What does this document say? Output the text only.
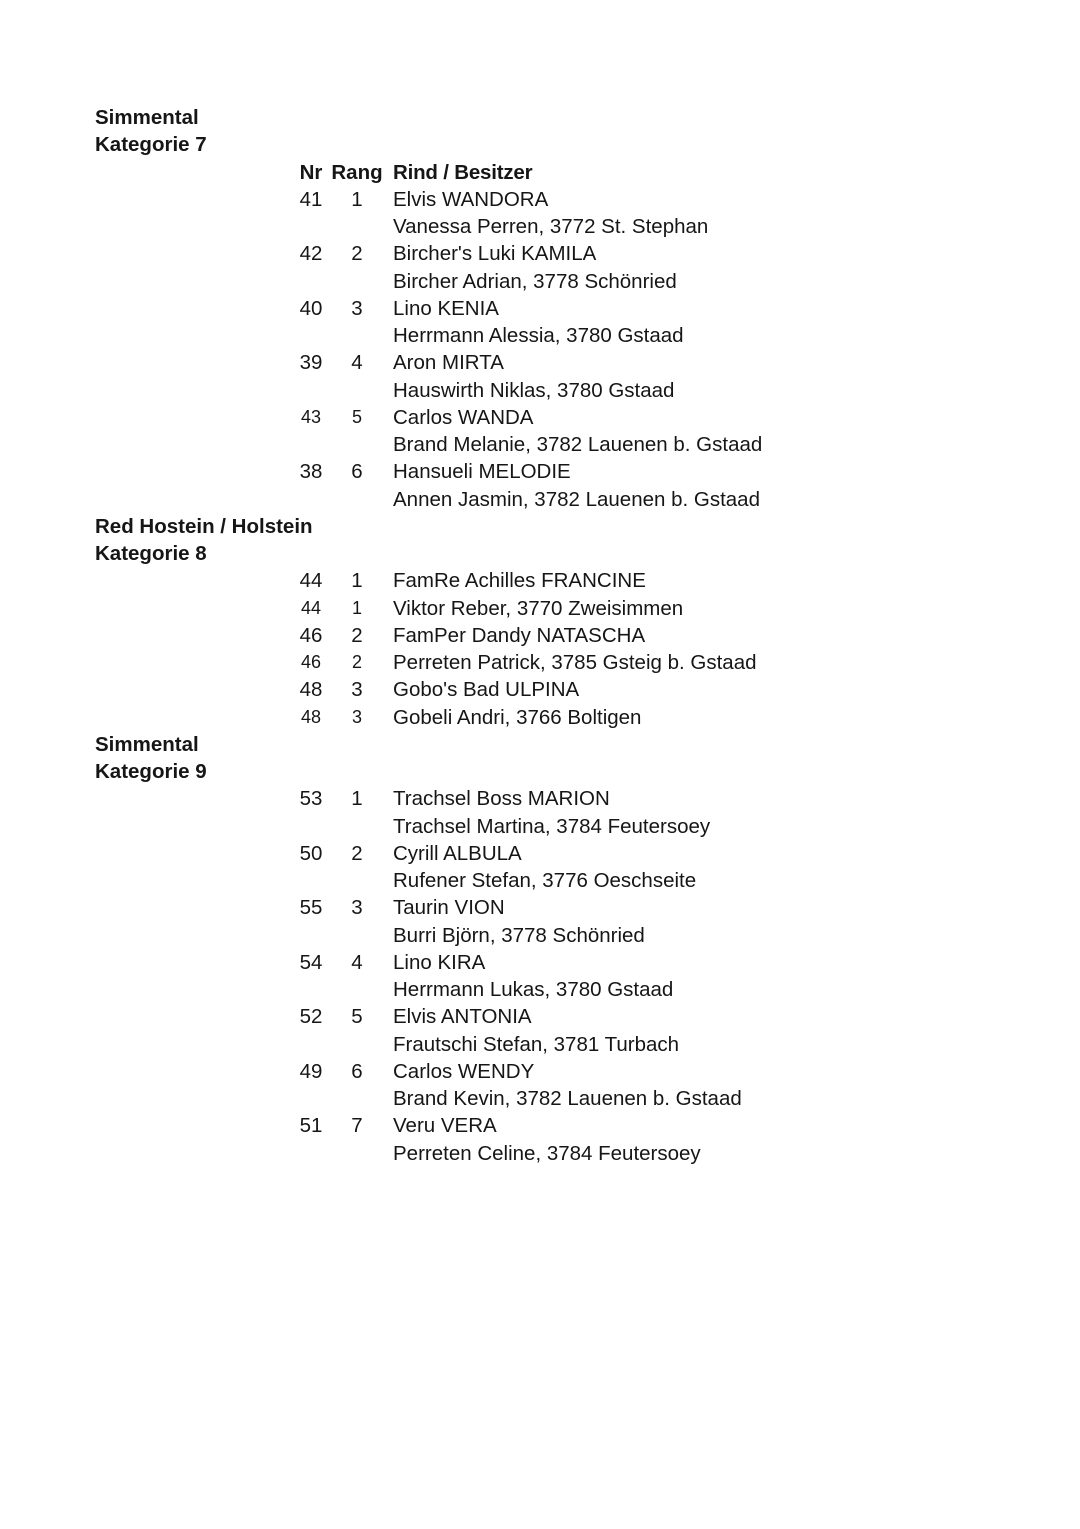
Simmental
Kategorie 7
Nr Rang Rind / Besitzer
41	1	Elvis WANDORA
Vanessa Perren, 3772 St. Stephan
42	2	Bircher's Luki KAMILA
Bircher Adrian, 3778 Schönried
40	3	Lino KENIA
Herrmann Alessia, 3780 Gstaad
39	4	Aron MIRTA
Hauswirth Niklas, 3780 Gstaad
43	5	Carlos WANDA
Brand Melanie, 3782 Lauenen b. Gstaad
38	6	Hansueli MELODIE
Annen Jasmin, 3782 Lauenen b. Gstaad
Red Hostein / Holstein
Kategorie 8
44	1	FamRe Achilles FRANCINE
44	1	Viktor Reber, 3770 Zweisimmen
46	2	FamPer Dandy NATASCHA
46	2	Perreten Patrick, 3785 Gsteig b. Gstaad
48	3	Gobo's Bad ULPINA
48	3	Gobeli Andri, 3766 Boltigen
Simmental
Kategorie 9
53	1	Trachsel Boss MARION
Trachsel Martina, 3784 Feutersoey
50	2	Cyrill ALBULA
Rufener Stefan, 3776 Oeschseite
55	3	Taurin VION
Burri Björn, 3778 Schönried
54	4	Lino KIRA
Herrmann Lukas, 3780 Gstaad
52	5	Elvis ANTONIA
Frautschi Stefan, 3781 Turbach
49	6	Carlos WENDY
Brand Kevin, 3782 Lauenen b. Gstaad
51	7	Veru VERA
Perreten Celine, 3784 Feutersoey
